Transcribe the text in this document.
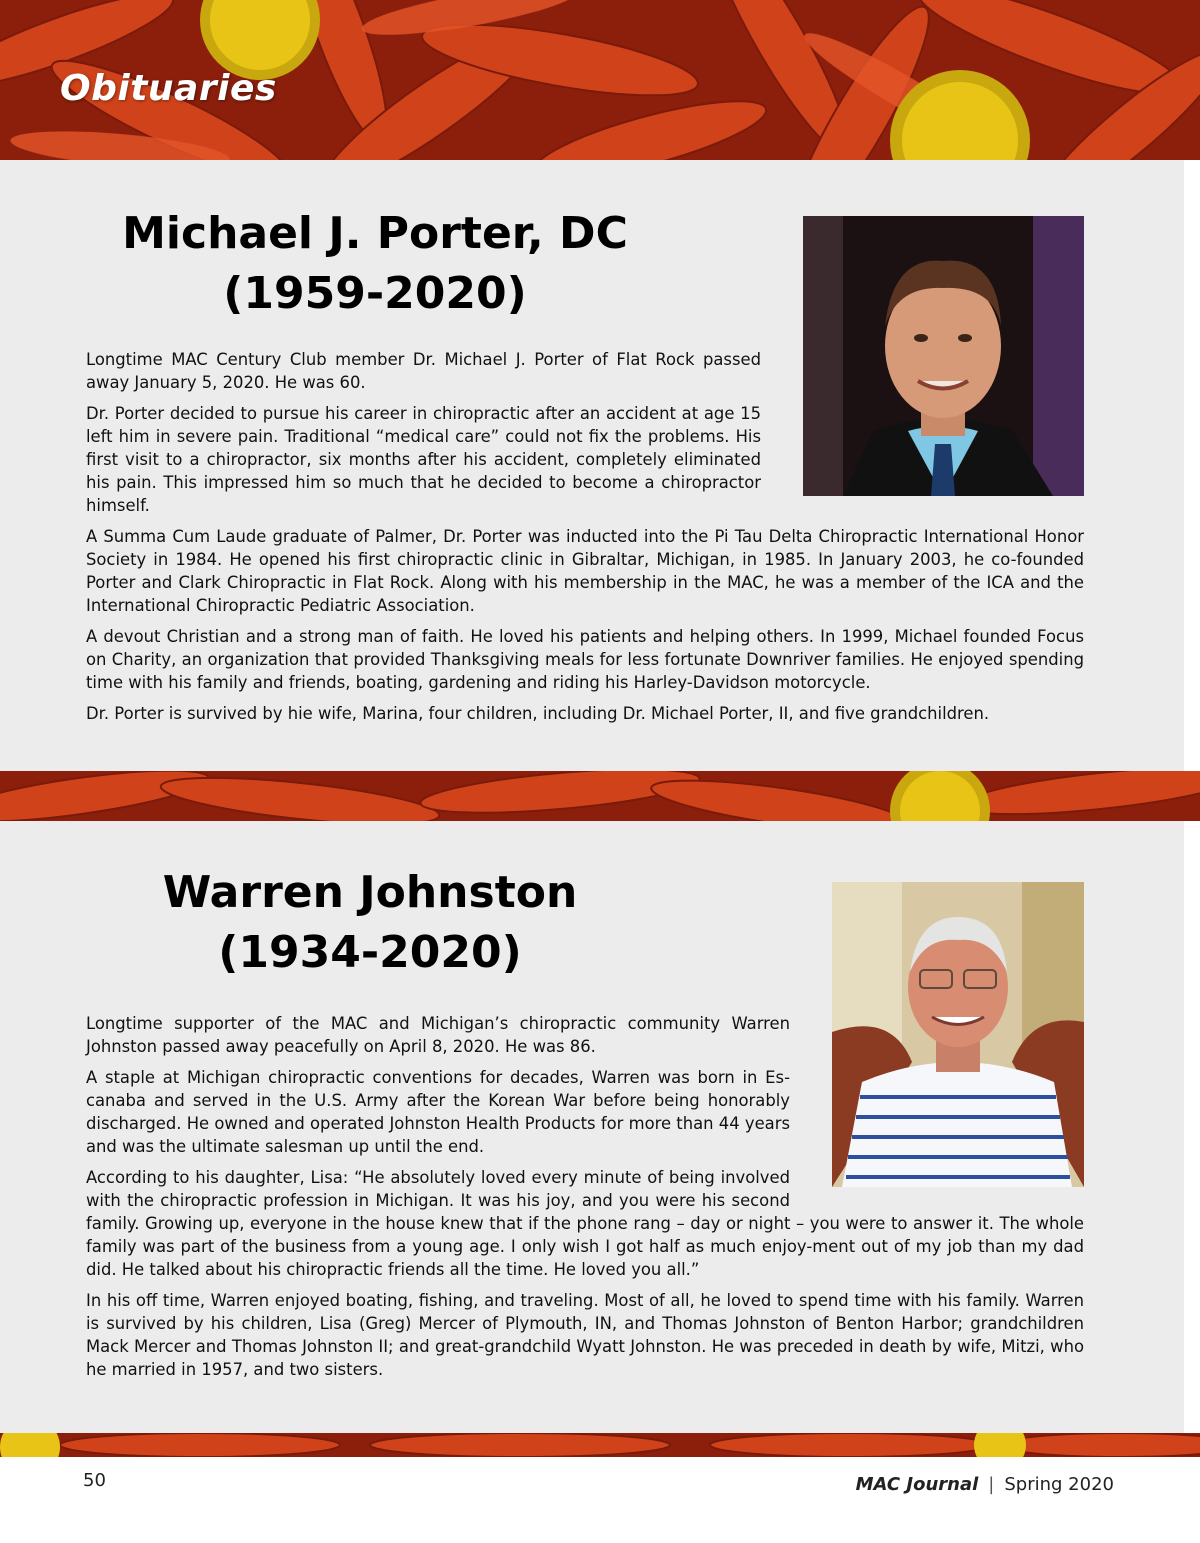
Obituaries
Michael J. Porter, DC
(1959-2020)

Longtime MAC Century Club member Dr. Michael J. Porter of Flat Rock passed away January 5, 2020. He was 60.

Dr. Porter decided to pursue his career in chiropractic after an accident at age 15 left him in severe pain. Traditional “medical care” could not fix the problems. His first visit to a chiropractor, six months after his accident, completely eliminated his pain. This impressed him so much that he decided to become a chiropractor himself.

A Summa Cum Laude graduate of Palmer, Dr. Porter was inducted into the Pi Tau Delta Chiropractic International Honor Society in 1984. He opened his first chiropractic clinic in Gibraltar, Michigan, in 1985. In January 2003, he co-founded Porter and Clark Chiropractic in Flat Rock. Along with his membership in the MAC, he was a member of the ICA and the International Chiropractic Pediatric Association.

A devout Christian and a strong man of faith. He loved his patients and helping others. In 1999, Michael founded Focus on Charity, an organization that provided Thanksgiving meals for less fortunate Downriver families. He enjoyed spending time with his family and friends, boating, gardening and riding his Harley-Davidson motorcycle.

Dr. Porter is survived by hie wife, Marina, four children, including Dr. Michael Porter, II, and five grandchildren.

Warren Johnston
(1934-2020)

Longtime supporter of the MAC and Michigan’s chiropractic community Warren Johnston passed away peacefully on April 8, 2020. He was 86.

A staple at Michigan chiropractic conventions for decades, Warren was born in Es-canaba and served in the U.S. Army after the Korean War before being honorably discharged. He owned and operated Johnston Health Products for more than 44 years and was the ultimate salesman up until the end.

According to his daughter, Lisa: “He absolutely loved every minute of being involved with the chiropractic profession in Michigan. It was his joy, and you were his second family. Growing up, everyone in the house knew that if the phone rang – day or night – you were to answer it. The whole family was part of the business from a young age. I only wish I got half as much enjoy-ment out of my job than my dad did. He talked about his chiropractic friends all the time. He loved you all.”

In his off time, Warren enjoyed boating, fishing, and traveling. Most of all, he loved to spend time with his family. Warren is survived by his children, Lisa (Greg) Mercer of Plymouth, IN, and Thomas Johnston of Benton Harbor; grandchildren Mack Mercer and Thomas Johnston II; and great-grandchild Wyatt Johnston. He was preceded in death by wife, Mitzi, who he married in 1957, and two sisters.

50	MAC Journal | Spring 2020
